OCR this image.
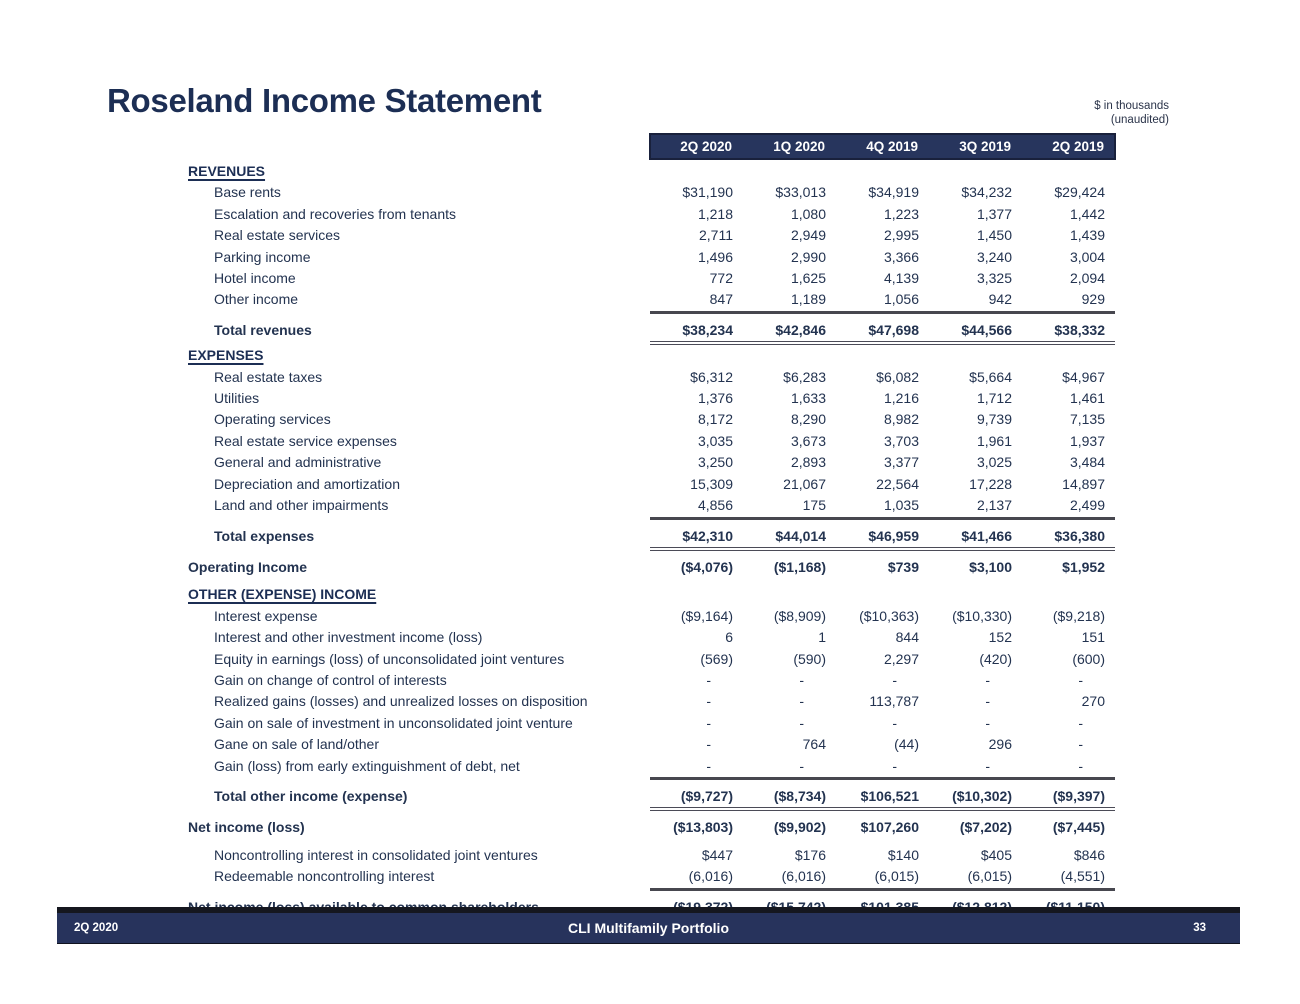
Roseland Income Statement	$ in thousands
(unaudited)
2Q 2020	1Q 2020	4Q 2019	3Q 2019	2Q 2019
REVENUES
Base rents	$31,190	$33,013	$34,919	$34,232	$29,424
Escalation and recoveries from tenants	1,218	1,080	1,223	1,377	1,442
Real estate services	2,711	2,949	2,995	1,450	1,439
Parking income	1,496	2,990	3,366	3,240	3,004
Hotel income	772	1,625	4,139	3,325	2,094
Other income	847	1,189	1,056	942	929
Total revenues	$38,234	$42,846	$47,698	$44,566	$38,332
EXPENSES
Real estate taxes	$6,312	$6,283	$6,082	$5,664	$4,967
Utilities	1,376	1,633	1,216	1,712	1,461
Operating services	8,172	8,290	8,982	9,739	7,135
Real estate service expenses	3,035	3,673	3,703	1,961	1,937
General and administrative	3,250	2,893	3,377	3,025	3,484
Depreciation and amortization	15,309	21,067	22,564	17,228	14,897
Land and other impairments	4,856	175	1,035	2,137	2,499
Total expenses	$42,310	$44,014	$46,959	$41,466	$36,380
Operating Income	($4,076)	($1,168)	$739	$3,100	$1,952
OTHER (EXPENSE) INCOME
Interest expense	($9,164)	($8,909)	($10,363)	($10,330)	($9,218)
Interest and other investment income (loss)	6	1	844	152	151
Equity in earnings (loss) of unconsolidated joint ventures	(569)	(590)	2,297	(420)	(600)
Gain on change of control of interests	-	-	-	-	-
Realized gains (losses) and unrealized losses on disposition	-	-	113,787	-	270
Gain on sale of investment in unconsolidated joint venture	-	-	-	-	-
Gane on sale of land/other	-	764	(44)	296	-
Gain (loss) from early extinguishment of debt, net	-	-	-	-	-
Total other income (expense)	($9,727)	($8,734)	$106,521	($10,302)	($9,397)
Net income (loss)	($13,803)	($9,902)	$107,260	($7,202)	($7,445)
Noncontrolling interest in consolidated joint ventures	$447	$176	$140	$405	$846
Redeemable noncontrolling interest	(6,016)	(6,016)	(6,015)	(6,015)	(4,551)
2Q 2020	CLI Multifamily Portfolio	33
